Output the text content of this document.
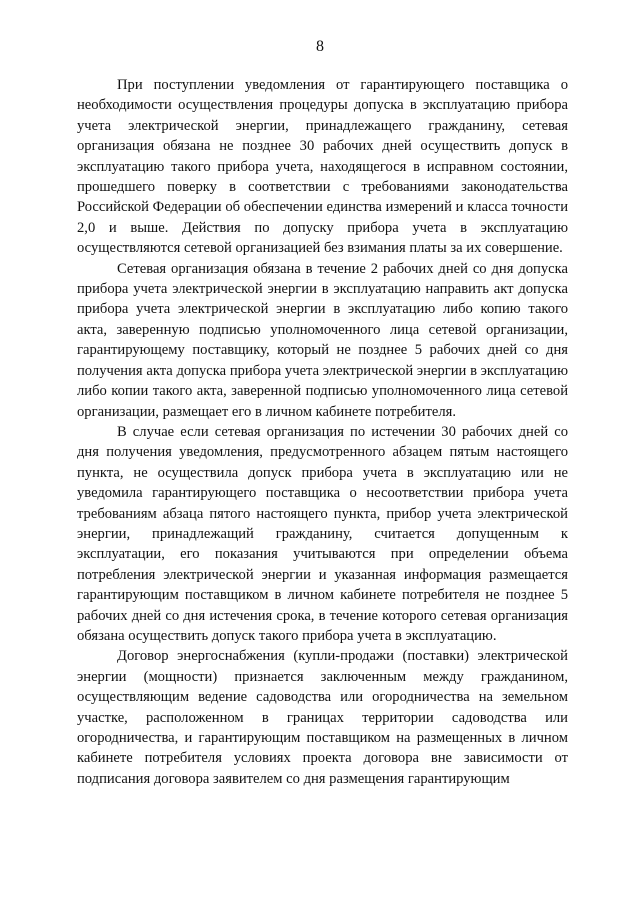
8

При поступлении уведомления от гарантирующего поставщика о необходимости осуществления процедуры допуска в эксплуатацию прибора учета электрической энергии, принадлежащего гражданину, сетевая организация обязана не позднее 30 рабочих дней осуществить допуск в эксплуатацию такого прибора учета, находящегося в исправном состоянии, прошедшего поверку в соответствии с требованиями законодательства Российской Федерации об обеспечении единства измерений и класса точности 2,0 и выше. Действия по допуску прибора учета в эксплуатацию осуществляются сетевой организацией без взимания платы за их совершение.

Сетевая организация обязана в течение 2 рабочих дней со дня допуска прибора учета электрической энергии в эксплуатацию направить акт допуска прибора учета электрической энергии в эксплуатацию либо копию такого акта, заверенную подписью уполномоченного лица сетевой организации, гарантирующему поставщику, который не позднее 5 рабочих дней со дня получения акта допуска прибора учета электрической энергии в эксплуатацию либо копии такого акта, заверенной подписью уполномоченного лица сетевой организации, размещает его в личном кабинете потребителя.

В случае если сетевая организация по истечении 30 рабочих дней со дня получения уведомления, предусмотренного абзацем пятым настоящего пункта, не осуществила допуск прибора учета в эксплуатацию или не уведомила гарантирующего поставщика о несоответствии прибора учета требованиям абзаца пятого настоящего пункта, прибор учета электрической энергии, принадлежащий гражданину, считается допущенным к эксплуатации, его показания учитываются при определении объема потребления электрической энергии и указанная информация размещается гарантирующим поставщиком в личном кабинете потребителя не позднее 5 рабочих дней со дня истечения срока, в течение которого сетевая организация обязана осуществить допуск такого прибора учета в эксплуатацию.

Договор энергоснабжения (купли-продажи (поставки) электрической энергии (мощности) признается заключенным между гражданином, осуществляющим ведение садоводства или огородничества на земельном участке, расположенном в границах территории садоводства или огородничества, и гарантирующим поставщиком на размещенных в личном кабинете потребителя условиях проекта договора вне зависимости от подписания договора заявителем со дня размещения гарантирующим
